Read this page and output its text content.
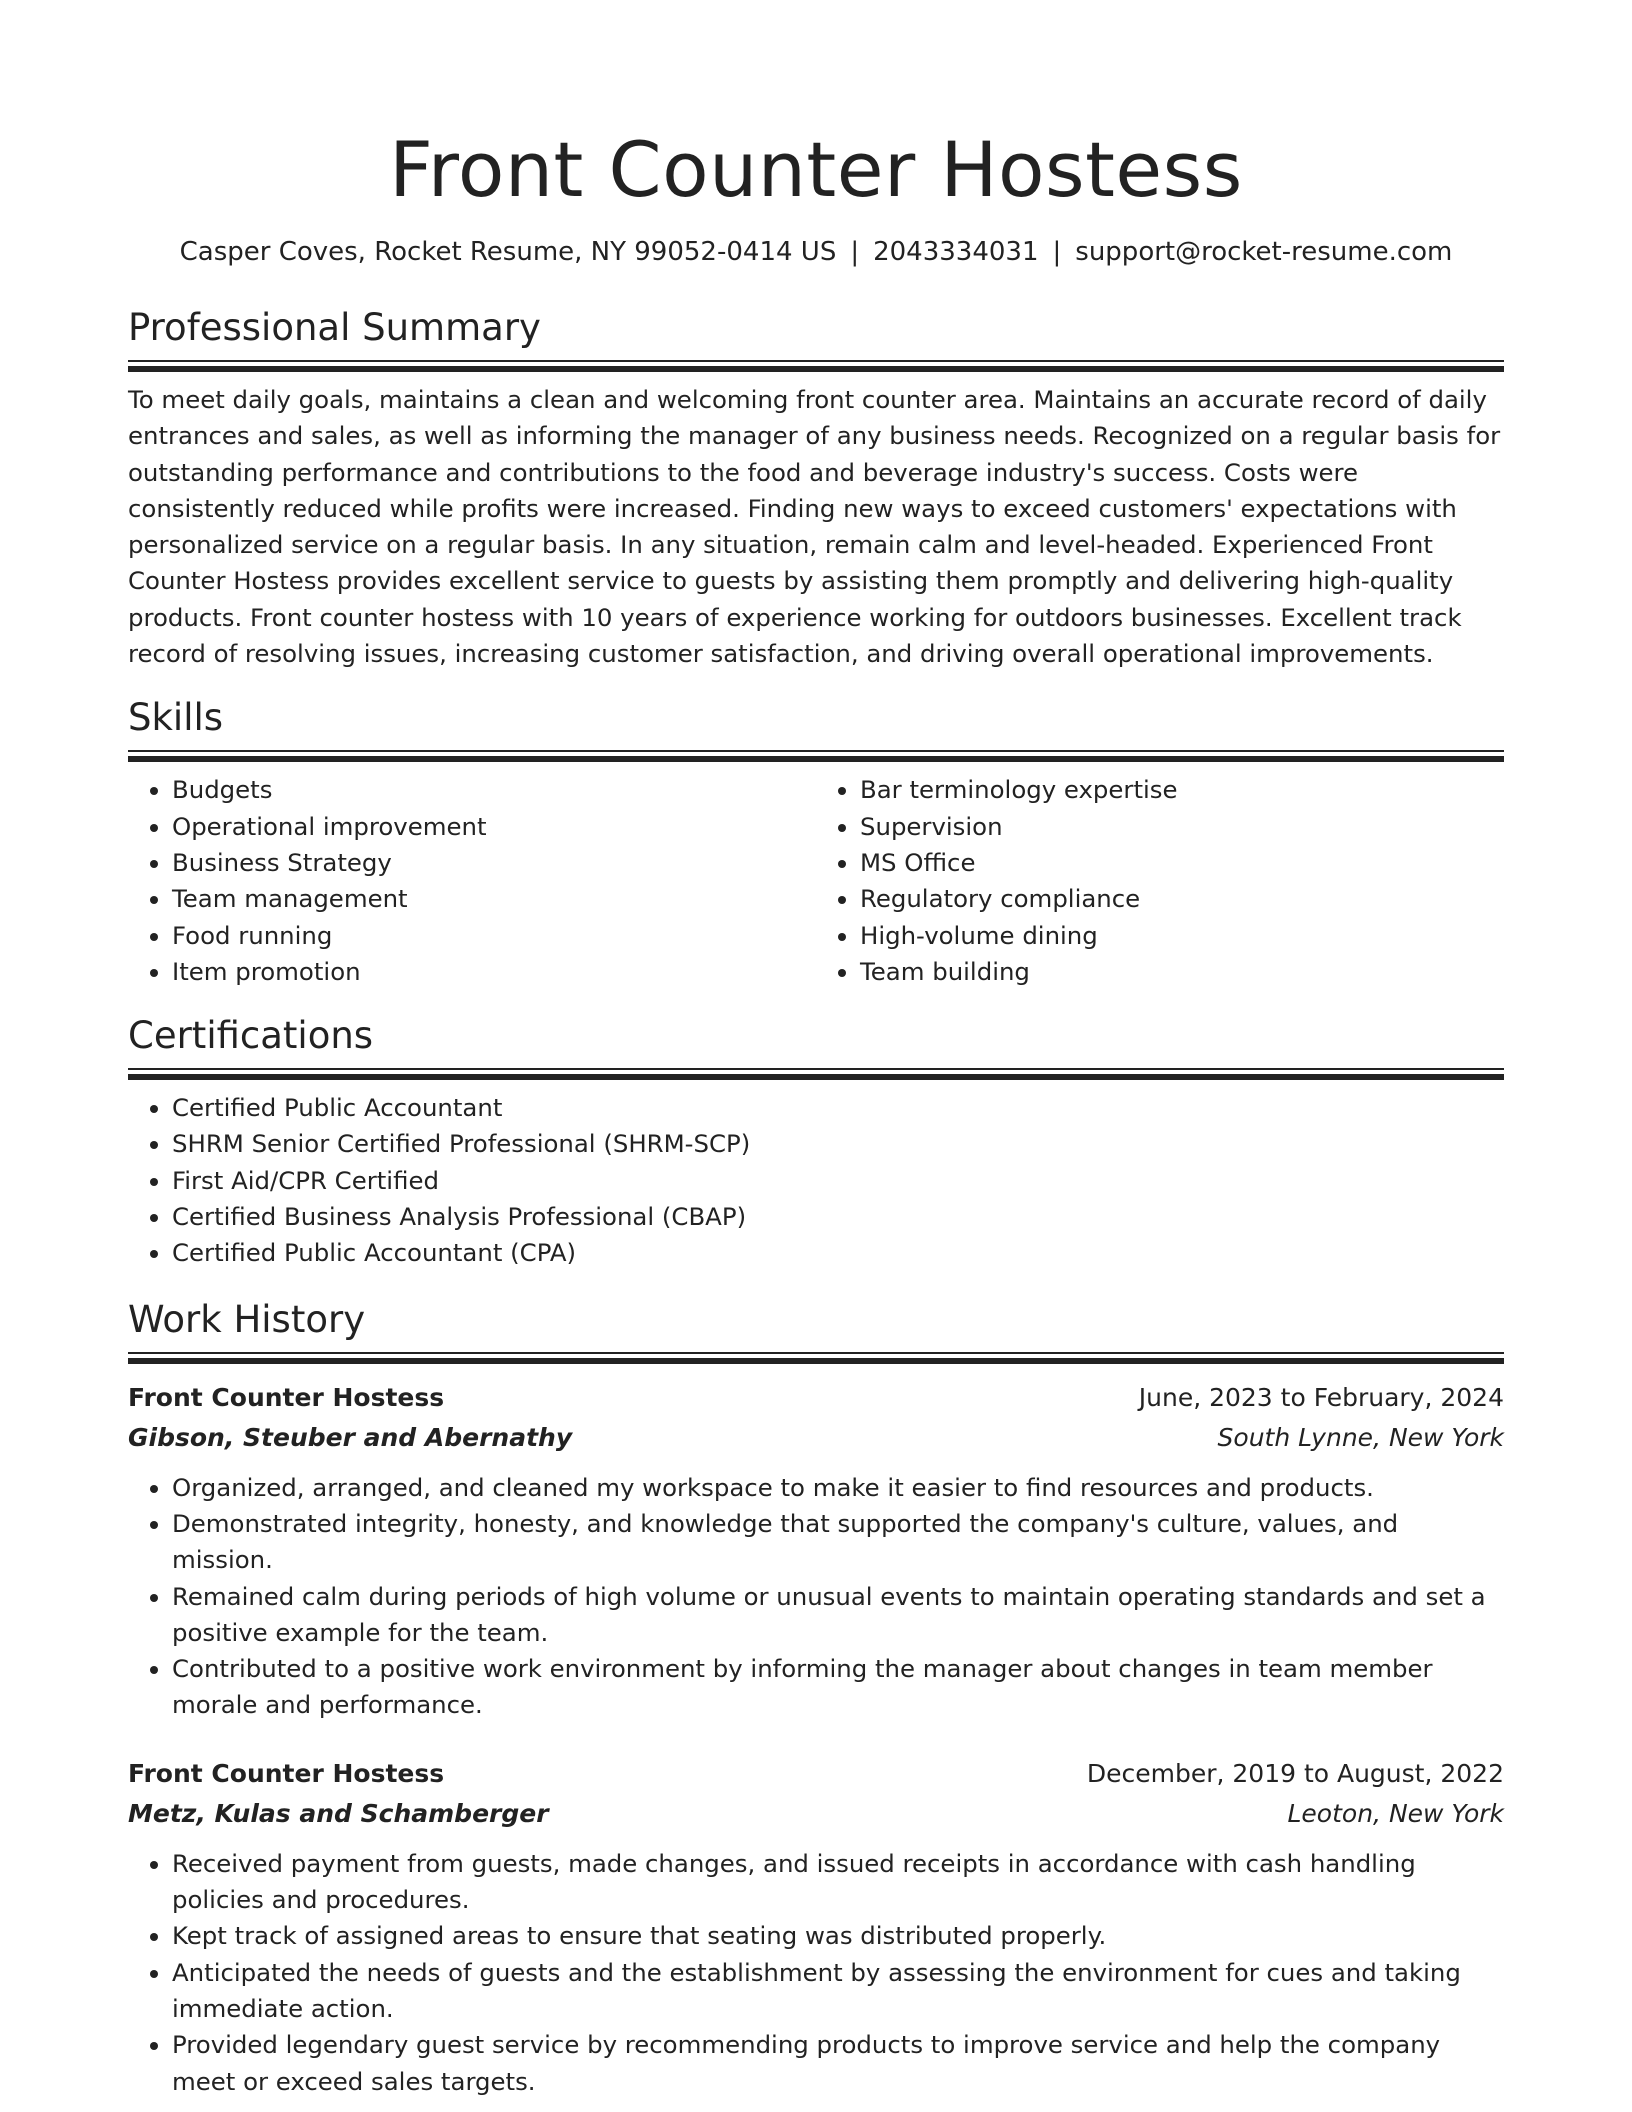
Front Counter Hostess
Casper Coves, Rocket Resume, NY 99052-0414 US | 2043334031 | support@rocket-resume.com
Professional Summary

To meet daily goals, maintains a clean and welcoming front counter area. Maintains an accurate record of daily entrances and sales, as well as informing the manager of any business needs. Recognized on a regular basis for outstanding performance and contributions to the food and beverage industry's success. Costs were consistently reduced while profits were increased. Finding new ways to exceed customers' expectations with personalized service on a regular basis. In any situation, remain calm and level-headed. Experienced Front Counter Hostess provides excellent service to guests by assisting them promptly and delivering high-quality products. Front counter hostess with 10 years of experience working for outdoors businesses. Excellent track record of resolving issues, increasing customer satisfaction, and driving overall operational improvements.

Skills
• Budgets
• Operational improvement
• Business Strategy
• Team management
• Food running
• Item promotion
• Bar terminology expertise
• Supervision
• MS Office
• Regulatory compliance
• High-volume dining
• Team building
Certifications
• Certified Public Accountant
• SHRM Senior Certified Professional (SHRM-SCP)
• First Aid/CPR Certified
• Certified Business Analysis Professional (CBAP)
• Certified Public Accountant (CPA)
Work History
Front Counter Hostess	June, 2023 to February, 2024
Gibson, Steuber and Abernathy	South Lynne, New York
• Organized, arranged, and cleaned my workspace to make it easier to find resources and products.
• Demonstrated integrity, honesty, and knowledge that supported the company's culture, values, and mission.
• Remained calm during periods of high volume or unusual events to maintain operating standards and set a positive example for the team.
• Contributed to a positive work environment by informing the manager about changes in team member morale and performance.
Front Counter Hostess	December, 2019 to August, 2022
Metz, Kulas and Schamberger	Leoton, New York
• Received payment from guests, made changes, and issued receipts in accordance with cash handling policies and procedures.
• Kept track of assigned areas to ensure that seating was distributed properly.
• Anticipated the needs of guests and the establishment by assessing the environment for cues and taking immediate action.
• Provided legendary guest service by recommending products to improve service and help the company meet or exceed sales targets.
